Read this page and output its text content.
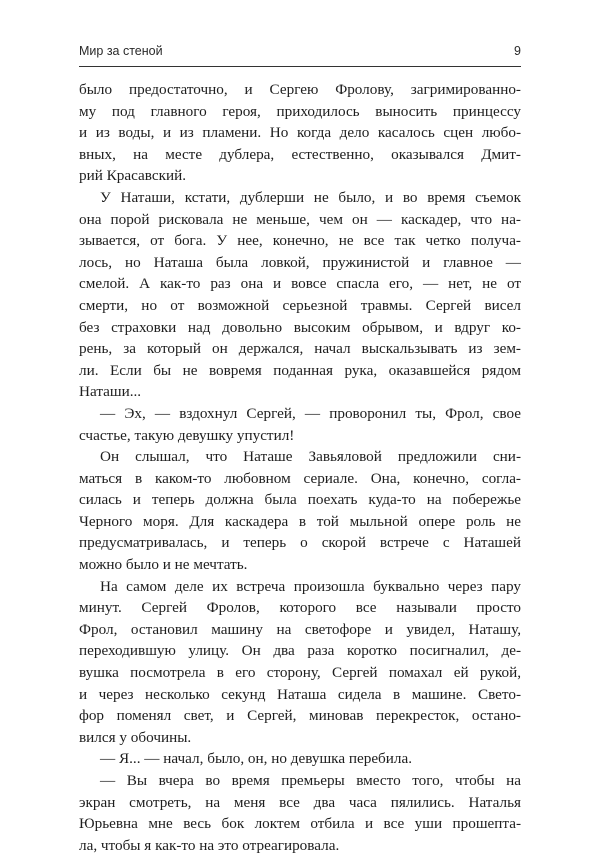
Мир за стеной	9
было предостаточно, и Сергею Фролову, загримированно-
му под главного героя, приходилось выносить принцессу
и из воды, и из пламени. Но когда дело касалось сцен любо-
вных, на месте дублера, естественно, оказывался Дмит-
рий Красавский.
У Наташи, кстати, дублерши не было, и во время съемок
она порой рисковала не меньше, чем он — каскадер, что на-
зывается, от бога. У нее, конечно, не все так четко получа-
лось, но Наташа была ловкой, пружинистой и главное —
смелой. А как-то раз она и вовсе спасла его, — нет, не от
смерти, но от возможной серьезной травмы. Сергей висел
без страховки над довольно высоким обрывом, и вдруг ко-
рень, за который он держался, начал выскальзывать из зем-
ли. Если бы не вовремя поданная рука, оказавшейся рядом
Наташи...
— Эх, — вздохнул Сергей, — проворонил ты, Фрол, свое
счастье, такую девушку упустил!
Он слышал, что Наташе Завьяловой предложили сни-
маться в каком-то любовном сериале. Она, конечно, согла-
силась и теперь должна была поехать куда-то на побережье
Черного моря. Для каскадера в той мыльной опере роль не
предусматривалась, и теперь о скорой встрече с Наташей
можно было и не мечтать.
На самом деле их встреча произошла буквально через пару
минут. Сергей Фролов, которого все называли просто
Фрол, остановил машину на светофоре и увидел, Наташу,
переходившую улицу. Он два раза коротко посигналил, де-
вушка посмотрела в его сторону, Сергей помахал ей рукой,
и через несколько секунд Наташа сидела в машине. Свето-
фор поменял свет, и Сергей, миновав перекресток, остано-
вился у обочины.
— Я... — начал, было, он, но девушка перебила.
— Вы вчера во время премьеры вместо того, чтобы на
экран смотреть, на меня все два часа пялились. Наталья
Юрьевна мне весь бок локтем отбила и все уши прошепта-
ла, чтобы я как-то на это отреагировала.
